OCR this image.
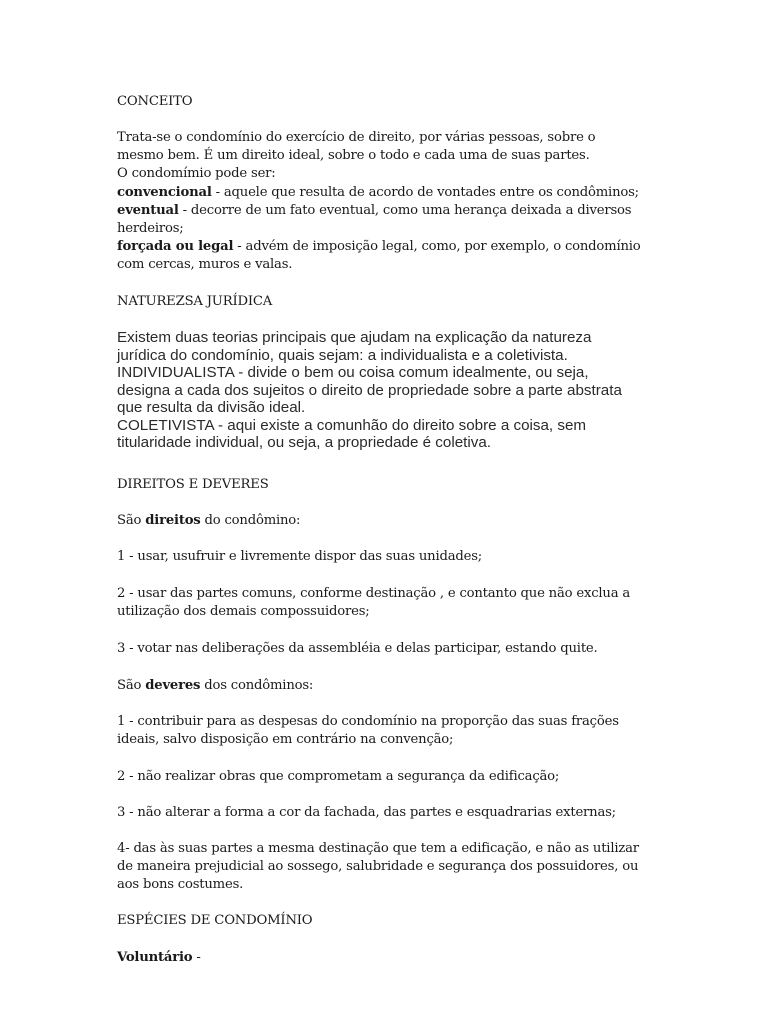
CONCEITO

Trata-se o condomínio do exercício de direito, por várias pessoas, sobre o

mesmo bem. É um direito ideal, sobre o todo e cada uma de suas partes.

O condomímio pode ser:

convencional - aquele que resulta de acordo de vontades entre os condôminos;

eventual - decorre de um fato eventual, como uma herança deixada a diversos

herdeiros;

forçada ou legal - advém de imposição legal, como, por exemplo, o condomínio

com cercas, muros e valas.

NATUREZSA JURÍDICA

Existem duas teorias principais que ajudam na explicação da natureza

jurídica do condomínio, quais sejam: a individualista e a coletivista.

INDIVIDUALISTA - divide o bem ou coisa comum idealmente, ou seja,

designa a cada dos sujeitos o direito de propriedade sobre a parte abstrata

que resulta da divisão ideal.

COLETIVISTA - aqui existe a comunhão do direito sobre a coisa, sem

titularidade individual, ou seja, a propriedade é coletiva.

DIREITOS E DEVERES

São direitos do condômino:

1 - usar, usufruir e livremente dispor das suas unidades;

2 - usar das partes comuns, conforme destinação , e contanto que não exclua a

utilização dos demais compossuidores;

3 - votar nas deliberações da assembléia e delas participar, estando quite.

São deveres dos condôminos:

1 - contribuir para as despesas do condomínio na proporção das suas frações

ideais, salvo disposição em contrário na convenção;

2 - não realizar obras que comprometam a segurança da edificação;

3 - não alterar a forma a cor da fachada, das partes e esquadrarias externas;

4- das às suas partes a mesma destinação que tem a edificação, e não as utilizar

de maneira prejudicial ao sossego, salubridade e segurança dos possuidores, ou

aos bons costumes.

ESPÉCIES DE CONDOMÍNIO

Voluntário -
